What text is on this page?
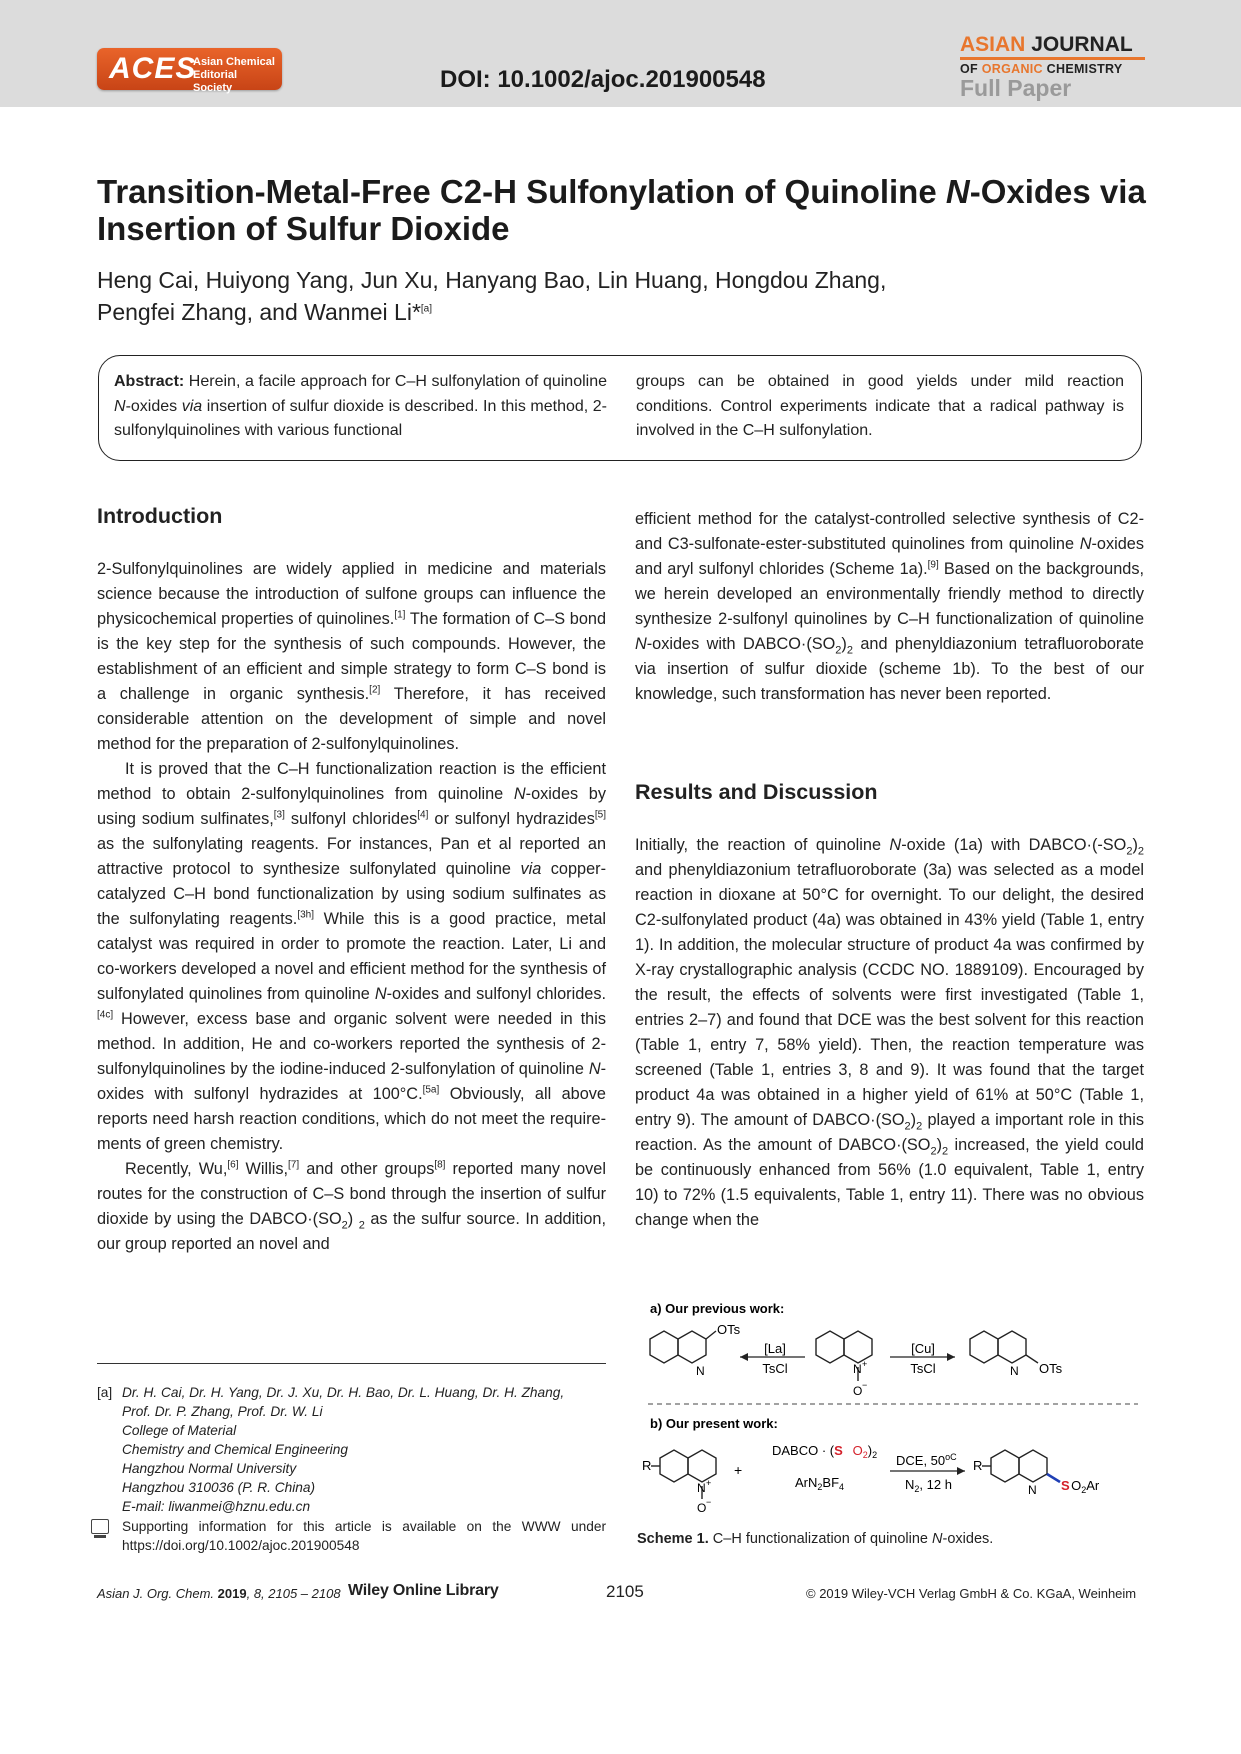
ACES
Asian Chemical
Editorial Society	DOI: 10.1002/ajoc.201900548
ASIAN JOURNAL
OF ORGANIC CHEMISTRY
Full Paper
Transition-Metal-Free C2-H Sulfonylation of Quinoline N-Oxides via
Insertion of Sulfur Dioxide
Heng Cai, Huiyong Yang, Jun Xu, Hanyang Bao, Lin Huang, Hongdou Zhang,
Pengfei Zhang, and Wanmei Li*[a]
Abstract: Herein, a facile approach for C–H sulfonylation of quinoline N-oxides via insertion of sulfur dioxide is described. In this method, 2-sulfonylquinolines with various functional
groups can be obtained in good yields under mild reaction conditions. Control experiments indicate that a radical pathway is involved in the C–H sulfonylation.
Introduction

2-Sulfonylquinolines are widely applied in medicine and materials science because the introduction of sulfone groups can influence the physicochemical properties of quinolines.[1] The formation of C–S bond is the key step for the synthesis of such compounds. However, the establishment of an efficient and simple strategy to form C–S bond is a challenge in organic synthesis.[2] Therefore, it has received considerable attention on the development of simple and novel method for the preparation of 2-sulfonylquinolines.

It is proved that the C–H functionalization reaction is the efficient method to obtain 2-sulfonylquinolines from quinoline N-oxides by using sodium sulfinates,[3] sulfonyl chlorides[4] or sulfonyl hydrazides[5] as the sulfonylating reagents. For instances, Pan et al reported an attractive protocol to synthesize sulfonylated quinoline via copper-catalyzed C–H bond functionalization by using sodium sulfinates as the sulfonylating reagents.[3h] While this is a good practice, metal catalyst was required in order to promote the reaction. Later, Li and co-workers developed a novel and efficient method for the synthesis of sulfonylated quinolines from quinoline N-oxides and sulfonyl chlorides.[4c] However, excess base and organic solvent were needed in this method. In addition, He and co-workers reported the synthesis of 2-sulfonylquinolines by the iodine-induced 2-sulfonylation of quinoline N-oxides with sulfonyl hydrazides at 100°C.[5a] Obviously, all above reports need harsh reaction conditions, which do not meet the requirements of green chemistry.

Recently, Wu,[6] Willis,[7] and other groups[8] reported many novel routes for the construction of C–S bond through the insertion of sulfur dioxide by using the $DABCO\cdot(SO_2)$ $_2$ as the sulfur source. In addition, our group reported an novel and

efficient method for the catalyst-controlled selective synthesis of C2- and C3-sulfonate-ester-substituted quinolines from quinoline N-oxides and aryl sulfonyl chlorides (Scheme 1a).[9] Based on the backgrounds, we herein developed an environmentally friendly method to directly synthesize 2-sulfonyl quinolines by C–H functionalization of quinoline N-oxides with $DABCO\cdot(SO_2)_2$ and phenyldiazonium tetrafluoroborate via insertion of sulfur dioxide (scheme 1b). To the best of our knowledge, such transformation has never been reported.

Results and Discussion

Initially, the reaction of quinoline N-oxide (1a) with $DABCO\cdot(-SO_2)_2$ and phenyldiazonium tetrafluoroborate (3a) was selected as a model reaction in dioxane at 50°C for overnight. To our delight, the desired C2-sulfonylated product (4a) was obtained in 43% yield (Table 1, entry 1). In addition, the molecular structure of product 4a was confirmed by X-ray crystallographic analysis (CCDC NO. 1889109). Encouraged by the result, the effects of solvents were first investigated (Table 1, entries 2–7) and found that DCE was the best solvent for this reaction (Table 1, entry 7, 58% yield). Then, the reaction temperature was screened (Table 1, entries 3, 8 and 9). It was found that the target product 4a was obtained in a higher yield of 61% at 50°C (Table 1, entry 9). The amount of $DABCO\cdot(SO_2)_2$ played a important role in this reaction. As the amount of $DABCO\cdot(SO_2)_2$ increased, the yield could be continuously enhanced from 56% (1.0 equivalent, Table 1, entry 10) to 72% (1.5 equivalents, Table 1, entry 11). There was no obvious change when the

a) Our previous work:
OTs
N
[La]
TsCl	N +
O −
[Cu]
TsCl	N OTs
b) Our present work:
R
N +
O −
+
DABCO · (S $O_2)_2$
$ArN_2BF_4$
DCE, $50^{oC}$
$N_2$, 12 h
R
N $SO_2Ar$
Scheme 1. C–H functionalization of quinoline N-oxides.
[a] Dr. H. Cai, Dr. H. Yang, Dr. J. Xu, Dr. H. Bao, Dr. L. Huang, Dr. H. Zhang,
Prof. Dr. P. Zhang, Prof. Dr. W. Li
College of Material
Chemistry and Chemical Engineering
Hangzhou Normal University
Hangzhou 310036 (P. R. China)
E-mail: liwanmei@hznu.edu.cn
Supporting information for this article is available on the WWW under https://doi.org/10.1002/ajoc.201900548
Asian J. Org. Chem. 2019, 8, 2105 – 2108 Wiley Online Library	2105	© 2019 Wiley-VCH Verlag GmbH & Co. KGaA, Weinheim
